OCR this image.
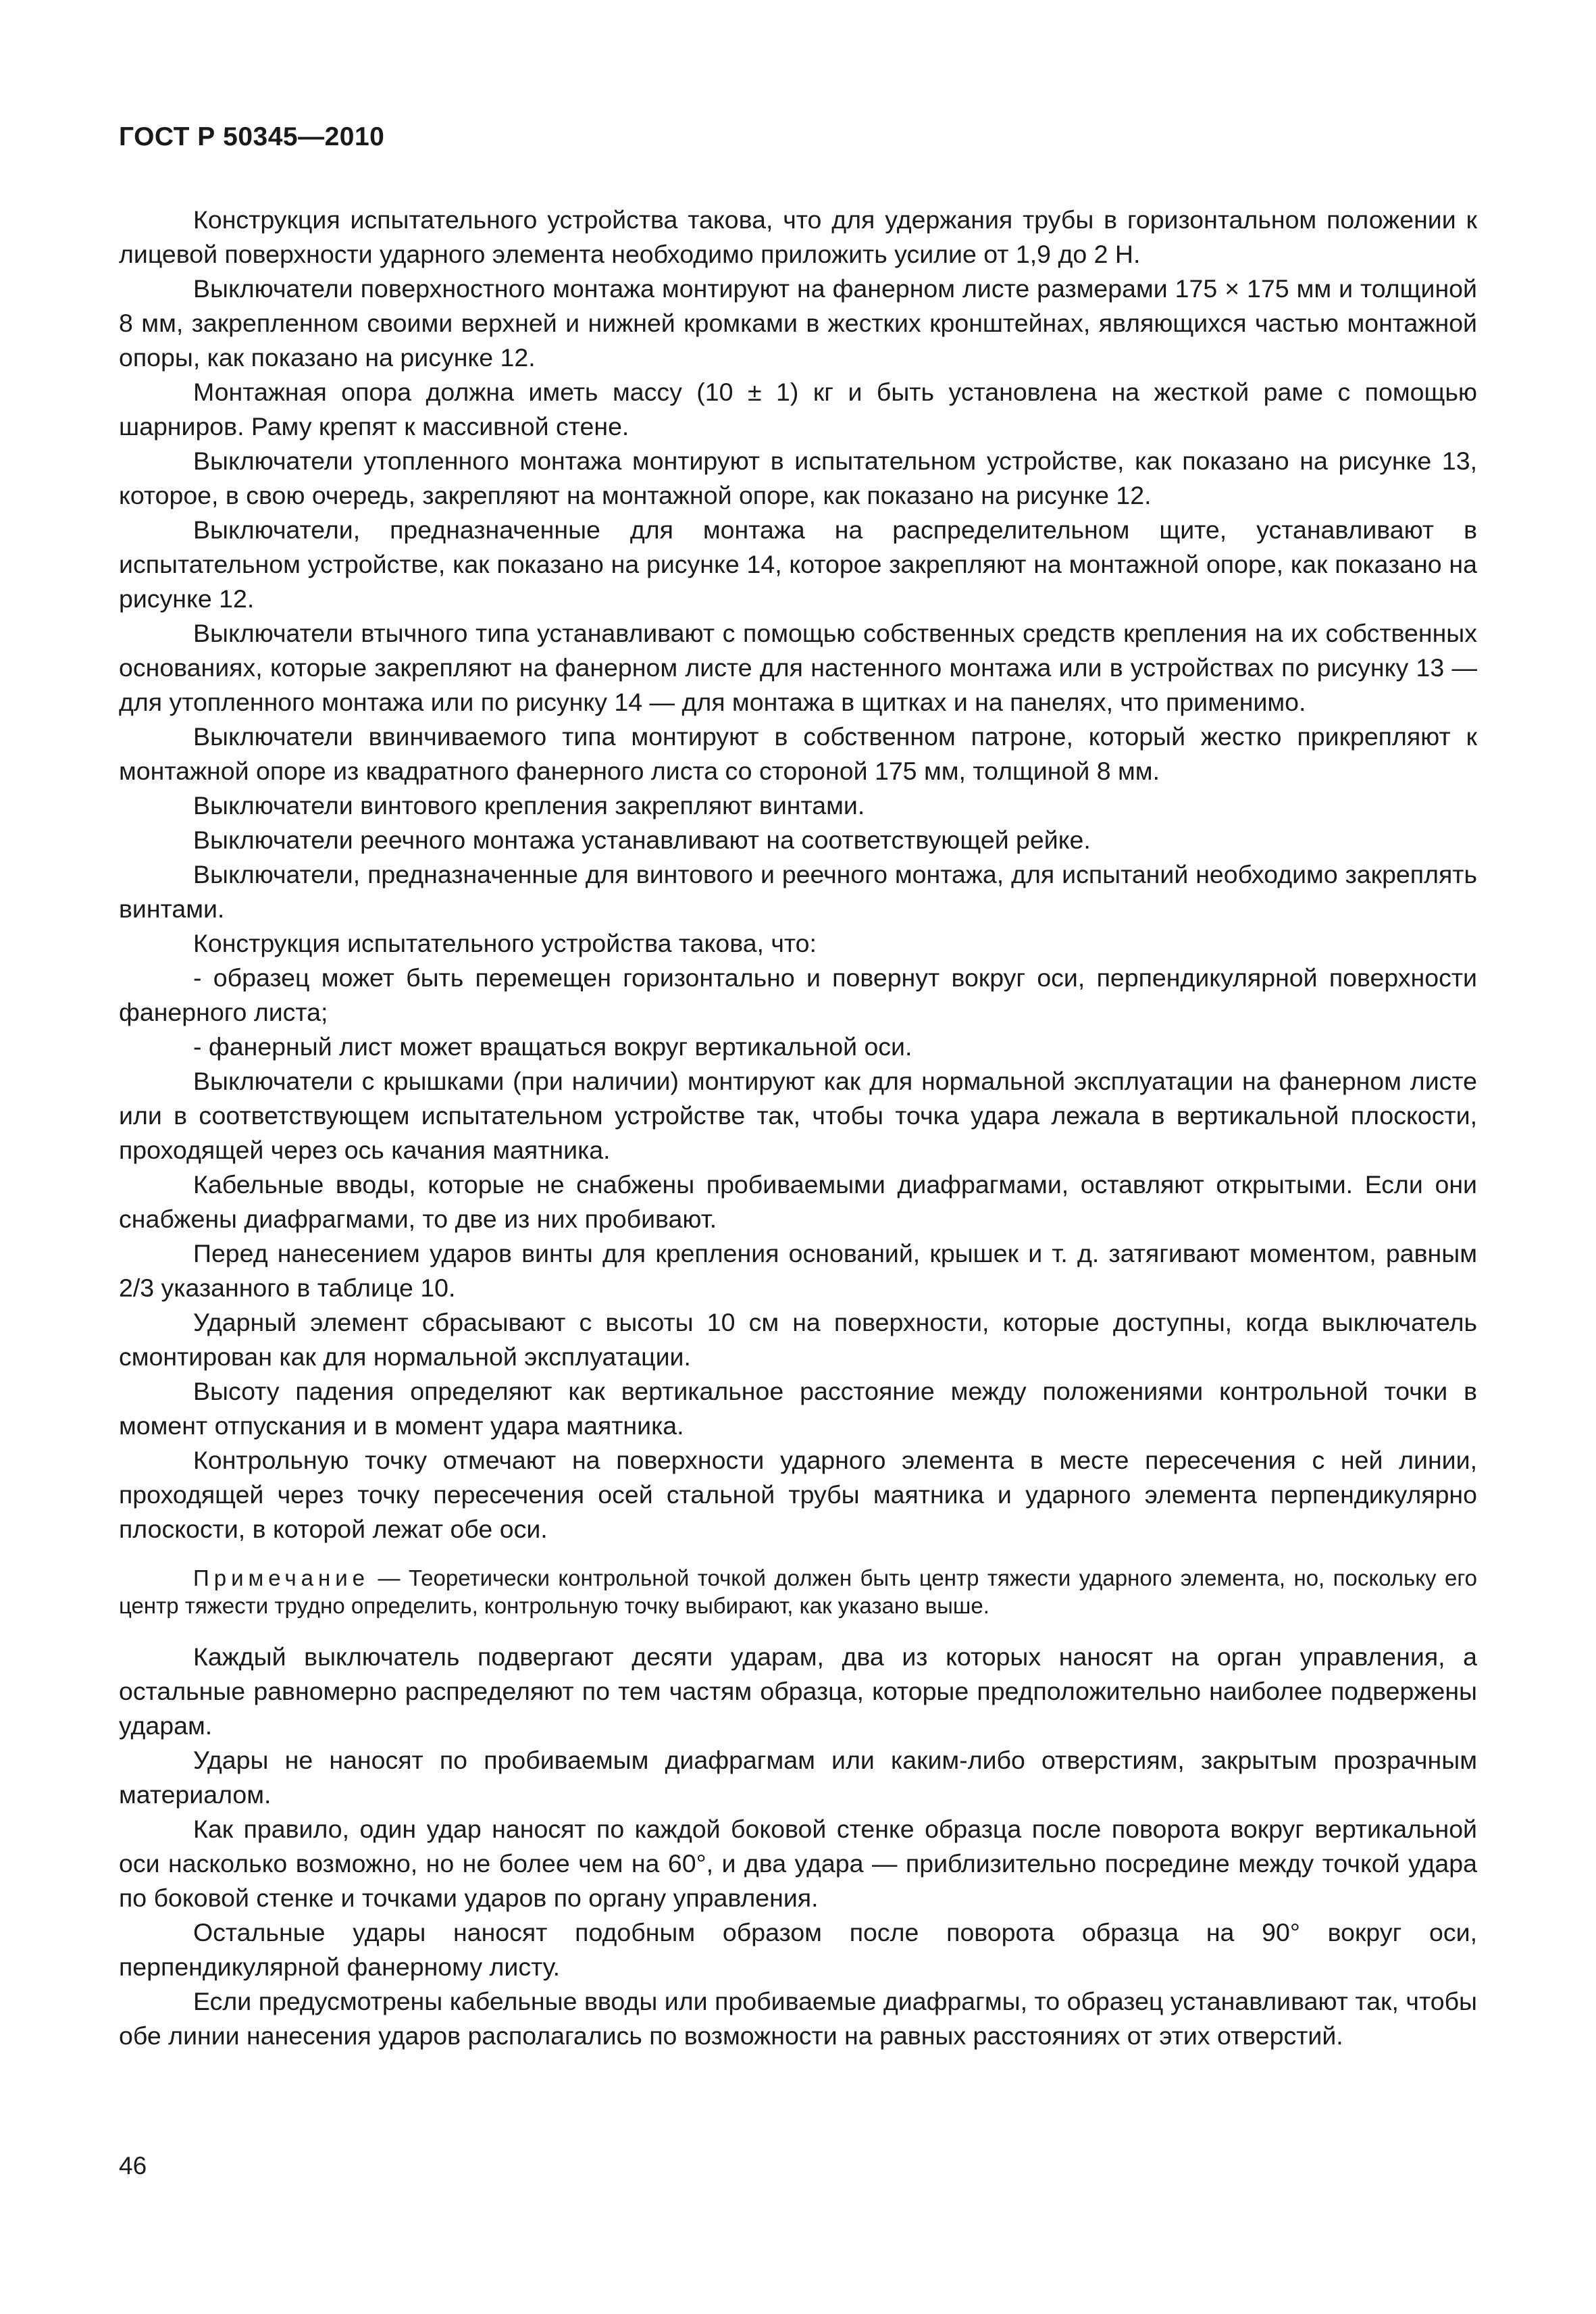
ГОСТ Р 50345—2010

Конструкция испытательного устройства такова, что для удержания трубы в горизонтальном положении к лицевой поверхности ударного элемента необходимо приложить усилие от 1,9 до 2 Н.

Выключатели поверхностного монтажа монтируют на фанерном листе размерами 175 × 175 мм и толщиной 8 мм, закрепленном своими верхней и нижней кромками в жестких кронштейнах, являющихся частью монтажной опоры, как показано на рисунке 12.

Монтажная опора должна иметь массу (10 ± 1) кг и быть установлена на жесткой раме с помощью шарниров. Раму крепят к массивной стене.

Выключатели утопленного монтажа монтируют в испытательном устройстве, как показано на рисунке 13, которое, в свою очередь, закрепляют на монтажной опоре, как показано на рисунке 12.

Выключатели, предназначенные для монтажа на распределительном щите, устанавливают в испытательном устройстве, как показано на рисунке 14, которое закрепляют на монтажной опоре, как показано на рисунке 12.

Выключатели втычного типа устанавливают с помощью собственных средств крепления на их собственных основаниях, которые закрепляют на фанерном листе для настенного монтажа или в устройствах по рисунку 13 — для утопленного монтажа или по рисунку 14 — для монтажа в щитках и на панелях, что применимо.

Выключатели ввинчиваемого типа монтируют в собственном патроне, который жестко прикрепляют к монтажной опоре из квадратного фанерного листа со стороной 175 мм, толщиной 8 мм.

Выключатели винтового крепления закрепляют винтами.

Выключатели реечного монтажа устанавливают на соответствующей рейке.

Выключатели, предназначенные для винтового и реечного монтажа, для испытаний необходимо закреплять винтами.

Конструкция испытательного устройства такова, что:

- образец может быть перемещен горизонтально и повернут вокруг оси, перпендикулярной поверхности фанерного листа;

- фанерный лист может вращаться вокруг вертикальной оси.

Выключатели с крышками (при наличии) монтируют как для нормальной эксплуатации на фанерном листе или в соответствующем испытательном устройстве так, чтобы точка удара лежала в вертикальной плоскости, проходящей через ось качания маятника.

Кабельные вводы, которые не снабжены пробиваемыми диафрагмами, оставляют открытыми. Если они снабжены диафрагмами, то две из них пробивают.

Перед нанесением ударов винты для крепления оснований, крышек и т. д. затягивают моментом, равным 2/3 указанного в таблице 10.

Ударный элемент сбрасывают с высоты 10 см на поверхности, которые доступны, когда выключатель смонтирован как для нормальной эксплуатации.

Высоту падения определяют как вертикальное расстояние между положениями контрольной точки в момент отпускания и в момент удара маятника.

Контрольную точку отмечают на поверхности ударного элемента в месте пересечения с ней линии, проходящей через точку пересечения осей стальной трубы маятника и ударного элемента перпендикулярно плоскости, в которой лежат обе оси.

Примечание — Теоретически контрольной точкой должен быть центр тяжести ударного элемента, но, поскольку его центр тяжести трудно определить, контрольную точку выбирают, как указано выше.

Каждый выключатель подвергают десяти ударам, два из которых наносят на орган управления, а остальные равномерно распределяют по тем частям образца, которые предположительно наиболее подвержены ударам.

Удары не наносят по пробиваемым диафрагмам или каким-либо отверстиям, закрытым прозрачным материалом.

Как правило, один удар наносят по каждой боковой стенке образца после поворота вокруг вертикальной оси насколько возможно, но не более чем на 60°, и два удара — приблизительно посредине между точкой удара по боковой стенке и точками ударов по органу управления.

Остальные удары наносят подобным образом после поворота образца на 90° вокруг оси, перпендикулярной фанерному листу.

Если предусмотрены кабельные вводы или пробиваемые диафрагмы, то образец устанавливают так, чтобы обе линии нанесения ударов располагались по возможности на равных расстояниях от этих отверстий.

46
